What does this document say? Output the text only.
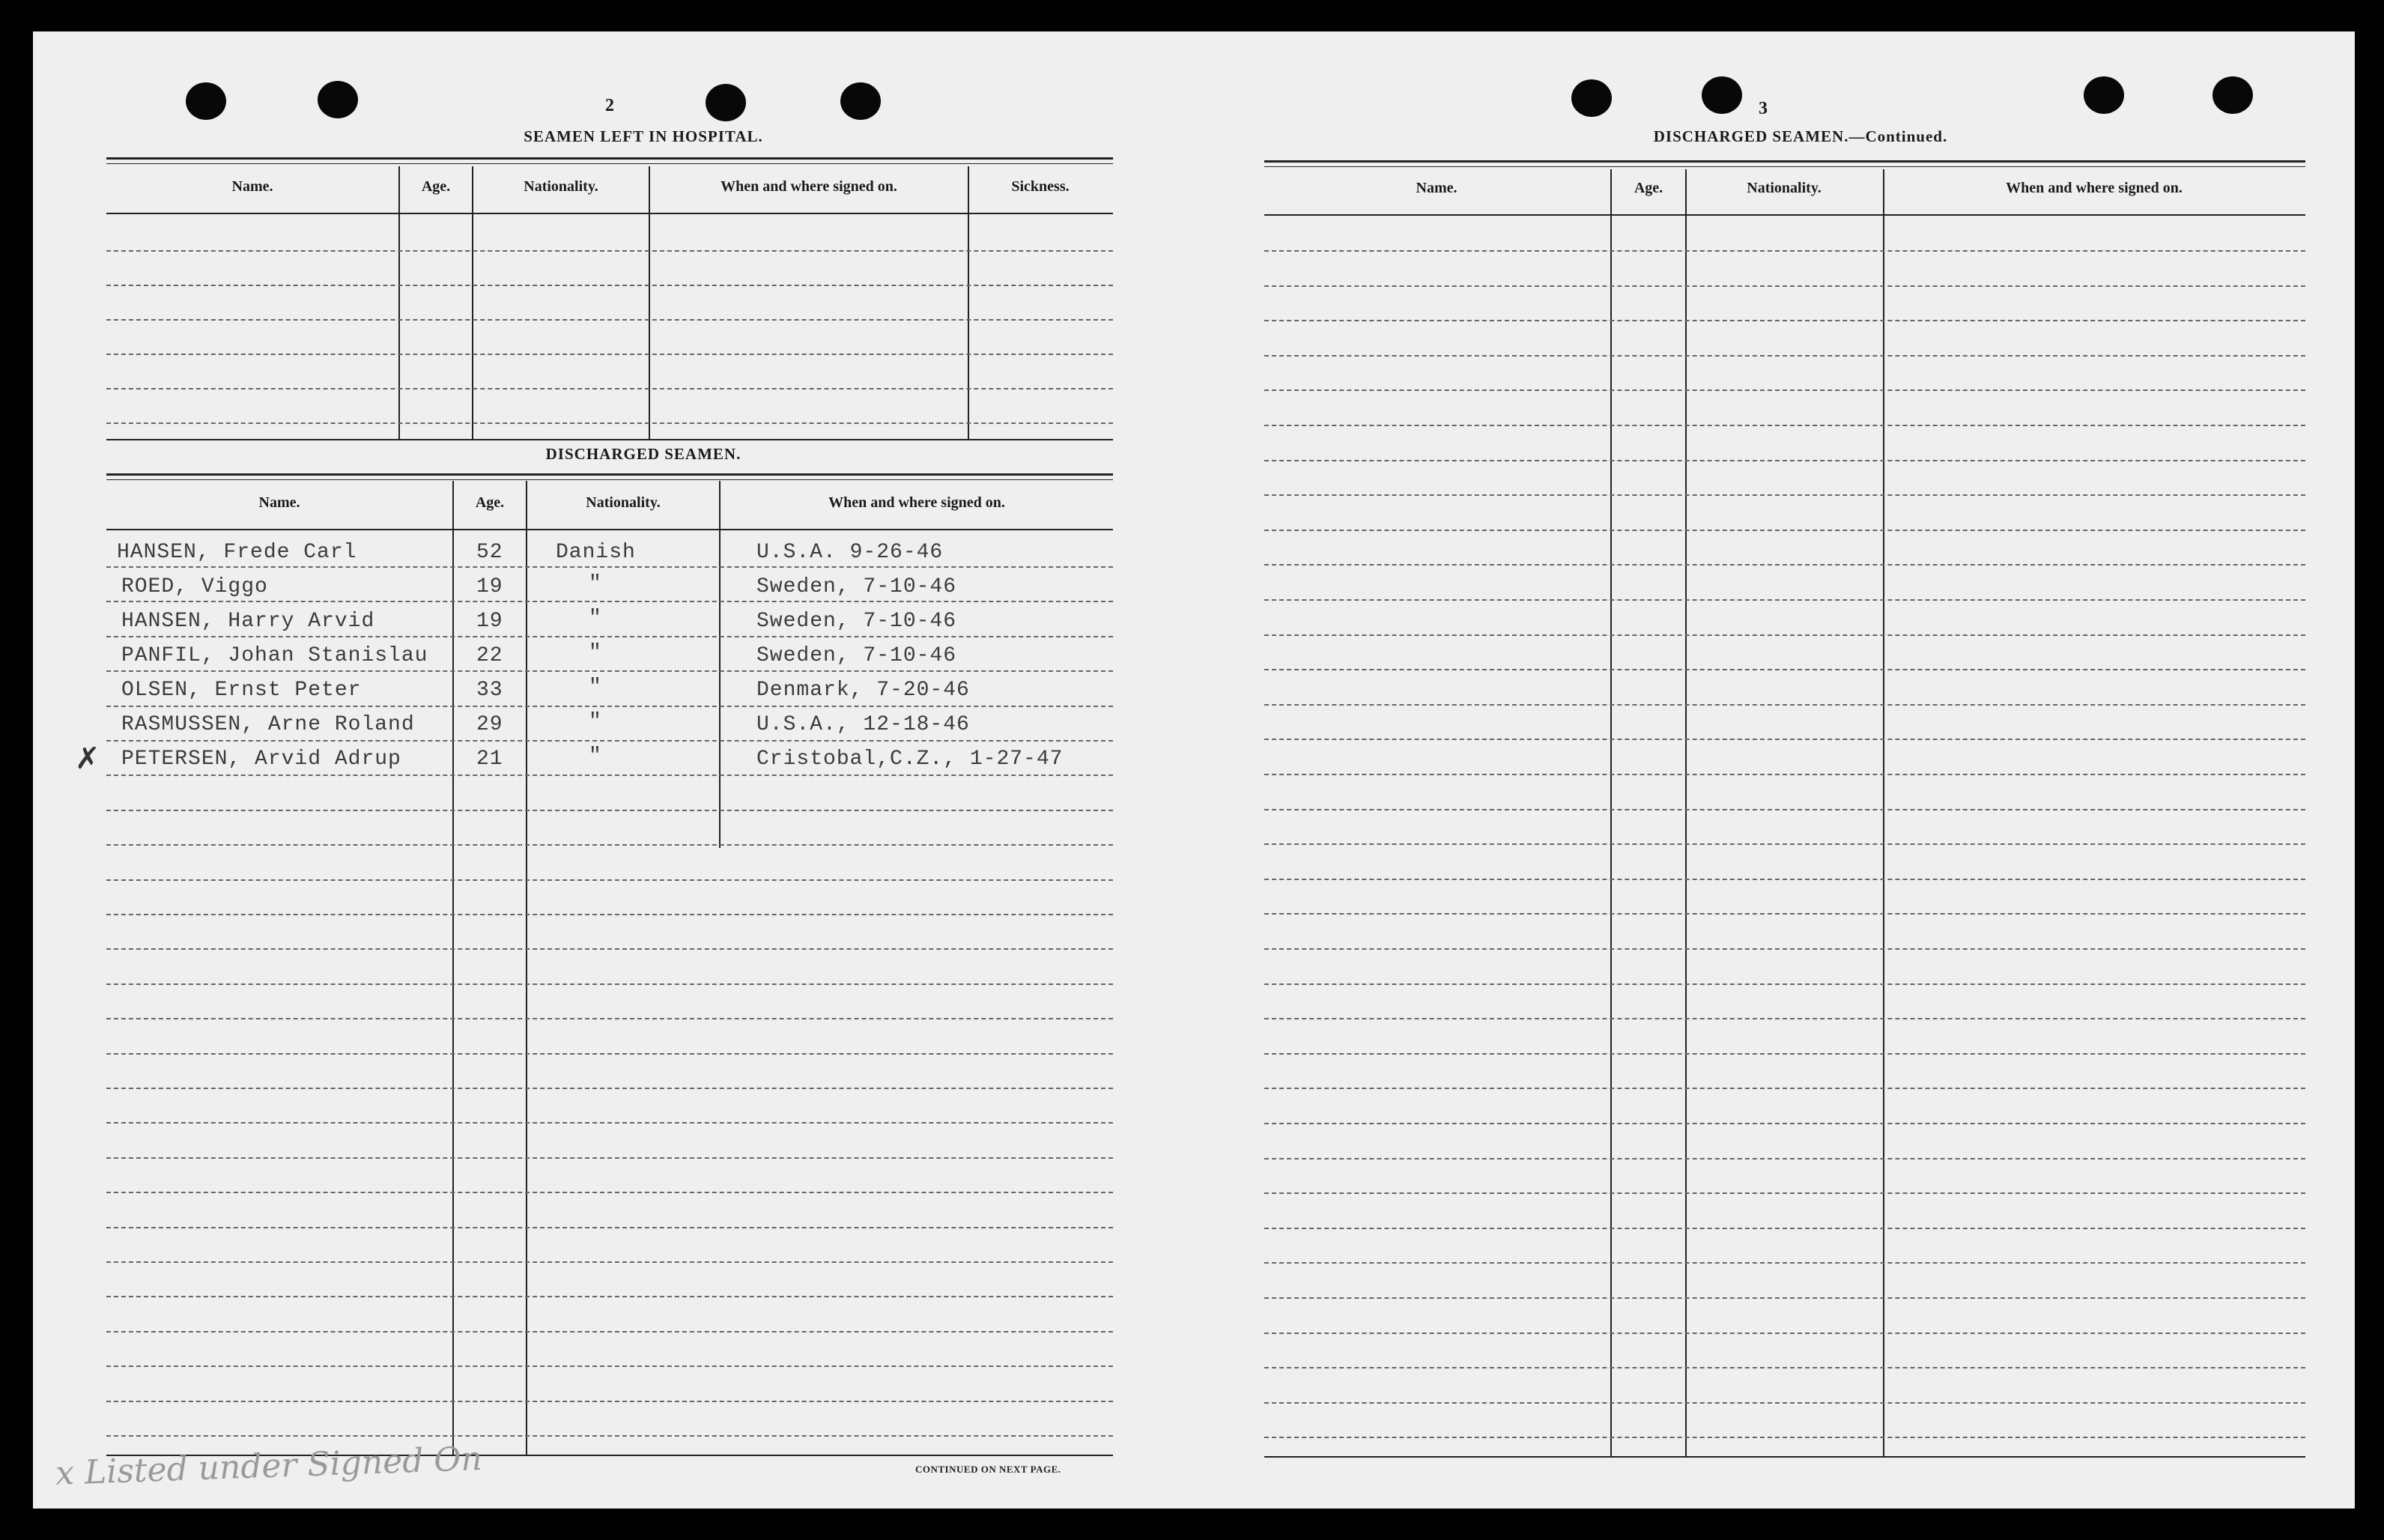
2
SEAMEN LEFT IN HOSPITAL.
Name.	Age.	Nationality.	When and where signed on.	Sickness.
DISCHARGED SEAMEN.
Name.	Age.	Nationality.	When and where signed on.
HANSEN, Frede Carl	52	Danish	U.S.A. 9-26-46
ROED, Viggo	19	"	Sweden, 7-10-46
HANSEN, Harry Arvid	19	"	Sweden, 7-10-46
PANFIL, Johan Stanislau 22	"	Sweden, 7-10-46
OLSEN, Ernst Peter	33	"	Denmark, 7-20-46
RASMUSSEN, Arne Roland	29	"	U.S.A., 12-18-46
✗ PETERSEN, Arvid Adrup	21	"	Cristobal,C.Z., 1-27-47
CONTINUED ON NEXT PAGE.
x Listed under Signed On
3
DISCHARGED SEAMEN.—Continued.
Name.	Age.	Nationality.	When and where signed on.
